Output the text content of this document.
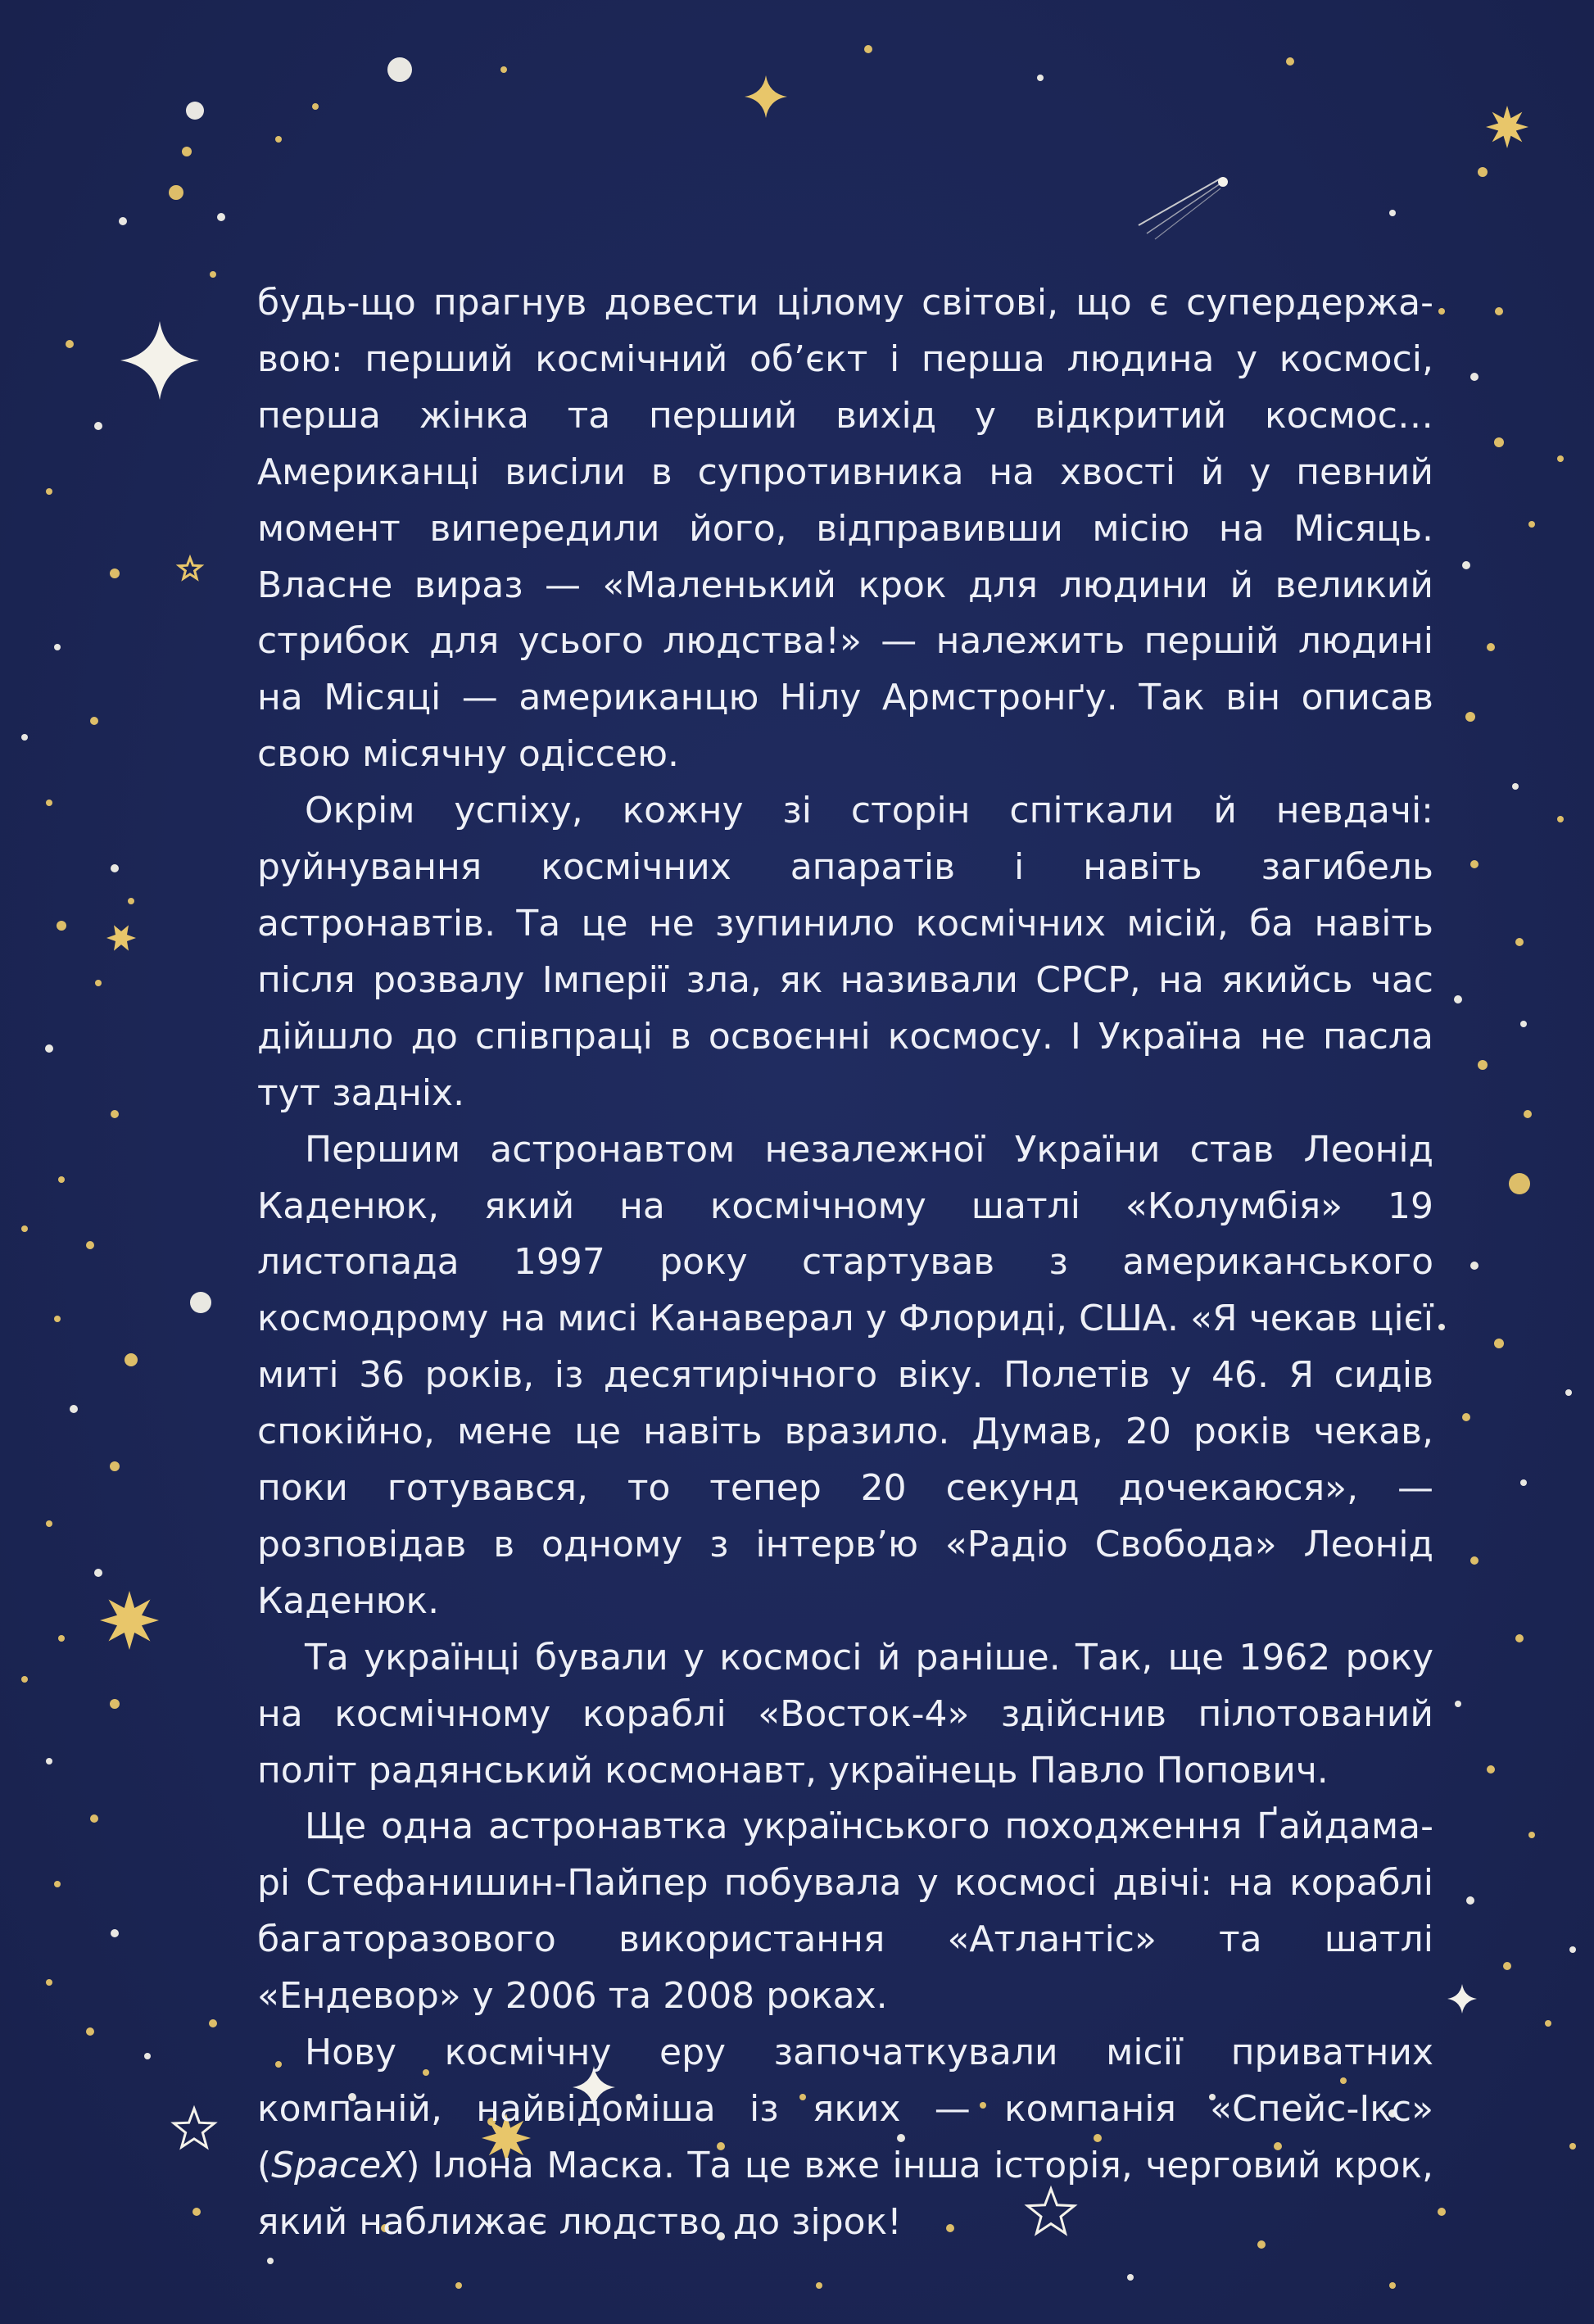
будь-що прагнув довести цілому світові, що є супердержавою: перший космічний об’єкт і перша людина у космосі, перша жінка та перший вихід у відкритий космос… Американці висіли в супротивника на хвості й у певний момент випередили його, відправивши місію на Місяць. Власне вираз — «Маленький крок для людини й великий стрибок для усього людства!» — належить першій людині на Місяці — американцю Нілу Армстронґу. Так він описав свою місячну одіссею.

Окрім успіху, кожну зі сторін спіткали й невдачі: руйнування космічних апаратів і навіть загибель астронавтів. Та це не зупинило космічних місій, ба навіть після розвалу Імперії зла, як називали СРСР, на якийсь час дійшло до співпраці в освоєнні космосу. І Україна не пасла тут задніх.

Першим астронавтом незалежної України став Леонід Каденюк, який на космічному шатлі «Колумбія» 19 листопада 1997 року стартував з американського космодрому на мисі Канаверал у Флориді, США. «Я чекав цієї миті 36 років, із десятирічного віку. Полетів у 46. Я сидів спокійно, мене це навіть вразило. Думав, 20 років чекав, поки готувався, то тепер 20 секунд дочекаюся», — розповідав в одному з інтерв’ю «Радіо Свобода» Леонід Каденюк.

Та українці бували у космосі й раніше. Так, ще 1962 року на космічному кораблі «Восток-4» здійснив пілотований політ радянський космонавт, українець Павло Попович.

Ще одна астронавтка українського походження Ґайдамарі Стефанишин-Пайпер побувала у космосі двічі: на кораблі багаторазового використання «Атлантіс» та шатлі «Ендевор» у 2006 та 2008 роках.

Нову космічну еру започаткували місії приватних компаній, найвідоміша із яких — компанія «Спейс-Ікс» (SpaceX) Ілона Маска. Та це вже інша історія, черговий крок, який наближає людство до зірок!
